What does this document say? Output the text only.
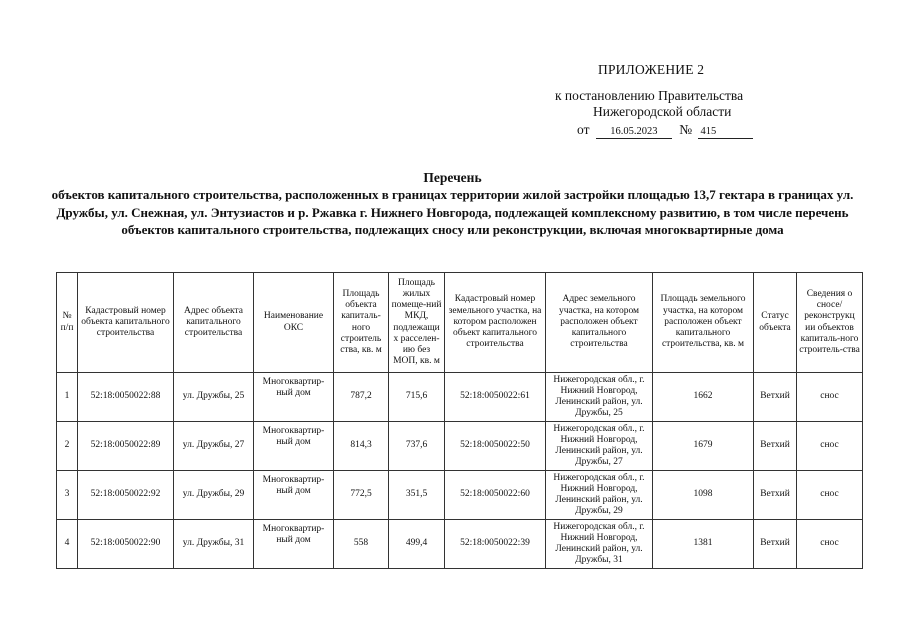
ПРИЛОЖЕНИЕ 2
к постановлению Правительства
Нижегородской области
от 16.05.2023 № 415
Перечень
объектов капитального строительства, расположенных в границах территории жилой застройки площадью 13,7 гектара в границах ул. Дружбы, ул. Снежная, ул. Энтузиастов и р. Ржавка г. Нижнего Новгорода, подлежащей комплексному развитию, в том числе перечень объектов капитального строительства, подлежащих сносу или реконструкции, включая многоквартирные дома
№ п/п	Кадастровый номер объекта капитального строительства	Адрес объекта капитального строительства	Наименование ОКС	Площадь объекта капиталь-ного строитель ства, кв. м	Площадь жилых помеще-ний МКД, подлежащи х расселен-ию без МОП, кв. м	Кадастровый номер земельного участка, на котором расположен объект капитального строительства	Адрес земельного участка, на котором расположен объект капитального строительства	Площадь земельного участка, на котором расположен объект капитального строительства, кв. м	Статус объекта	Сведения о сносе/ реконструкц ии объектов капиталь-ного строитель-ства
1	52:18:0050022:88	ул. Дружбы, 25	Многоквартир-ный дом	787,2	715,6	52:18:0050022:61	Нижегородская обл., г. Нижний Новгород, Ленинский район, ул. Дружбы, 25	1662	Ветхий	снос
2	52:18:0050022:89	ул. Дружбы, 27	Многоквартир-ный дом	814,3	737,6	52:18:0050022:50	Нижегородская обл., г. Нижний Новгород, Ленинский район, ул. Дружбы, 27	1679	Ветхий	снос
3	52:18:0050022:92	ул. Дружбы, 29	Многоквартир-ный дом	772,5	351,5	52:18:0050022:60	Нижегородская обл., г. Нижний Новгород, Ленинский район, ул. Дружбы, 29	1098	Ветхий	снос
4	52:18:0050022:90	ул. Дружбы, 31	Многоквартир-ный дом	558	499,4	52:18:0050022:39	Нижегородская обл., г. Нижний Новгород, Ленинский район, ул. Дружбы, 31	1381	Ветхий	снос
